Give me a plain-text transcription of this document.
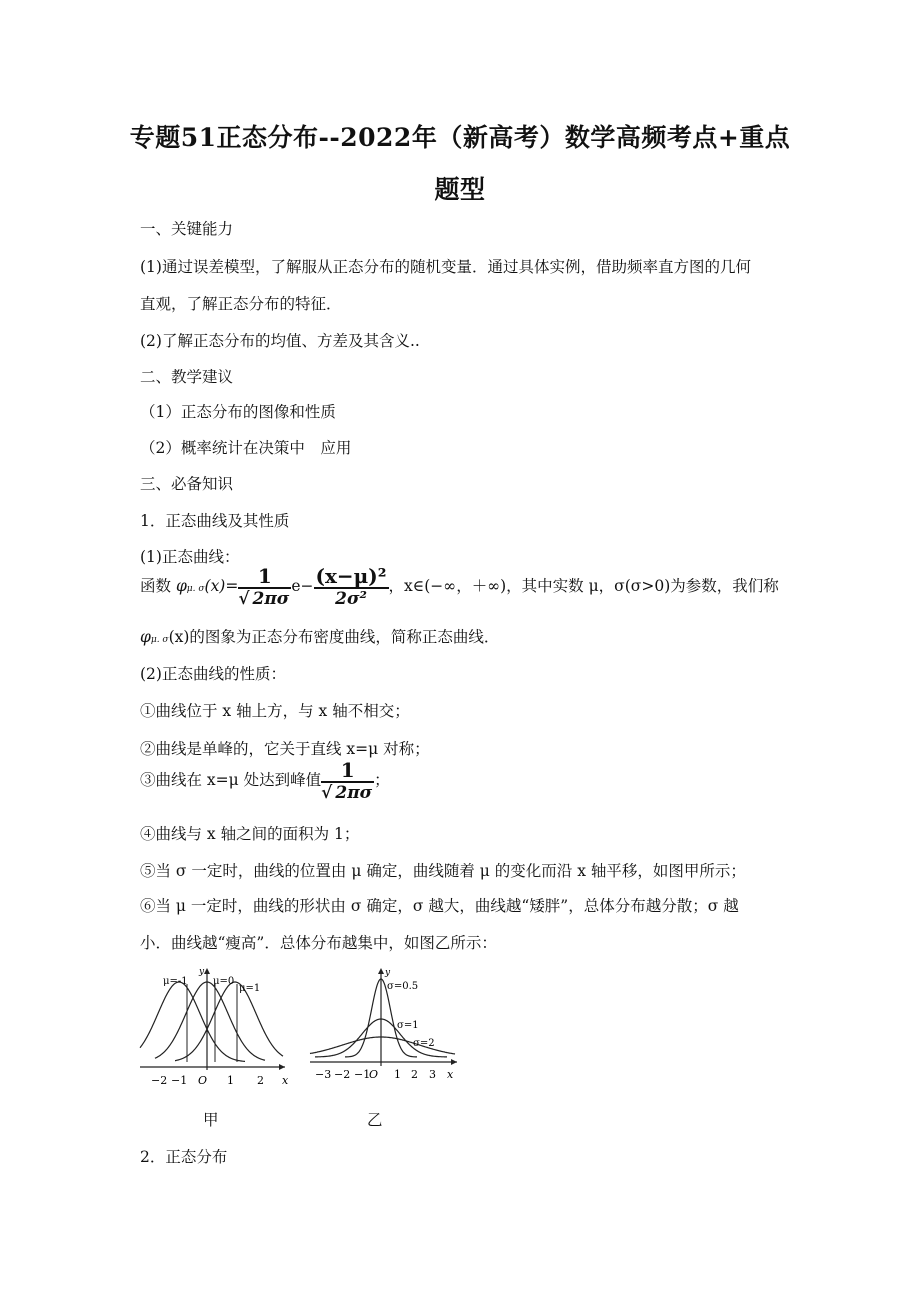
专题51正态分布--2022年（新高考）数学高频考点+重点
题型
一、关键能力
(1)通过误差模型，了解服从正态分布的随机变量．通过具体实例，借助频率直方图的几何
直观，了解正态分布的特征．
(2)了解正态分布的均值、方差及其含义..
二、教学建议
（1）正态分布的图像和性质
（2）概率统计在决策中　应用
三、必备知识
1．正态曲线及其性质
(1)正态曲线：
函数 φμ. $\sigma(x)= \frac{1}{√ 2\pi\sigma} e- \frac{\text{(x−μ)²}}{\text{2σ²}}$ ，x∈(−∞，＋∞)，其中实数 μ，σ(σ>0)为参数，我们称
φμ. σ(x)的图象为正态分布密度曲线，简称正态曲线．
(2)正态曲线的性质：
①曲线位于 x 轴上方，与 x 轴不相交；
②曲线是单峰的，它关于直线 x=μ 对称；
③曲线在 x=μ 处达到峰值 $\frac{1}{√ 2\pi\sigma}$ ；
④曲线与 x 轴之间的面积为 1；
⑤当 σ 一定时，曲线的位置由 μ 确定，曲线随着 μ 的变化而沿 x 轴平移，如图甲所示；
⑥当 μ 一定时，曲线的形状由 σ 确定，σ 越大，曲线越“矮胖”，总体分布越分散；σ 越
小．曲线越“瘦高”．总体分布越集中，如图乙所示：
μ=-1	μ=0
μ=1
y
−2 −1 O 1 2 x
甲
σ=0.5
σ=1
σ=2
y
−3 −2 −1
O 1 2 3 x
乙
2．正态分布
